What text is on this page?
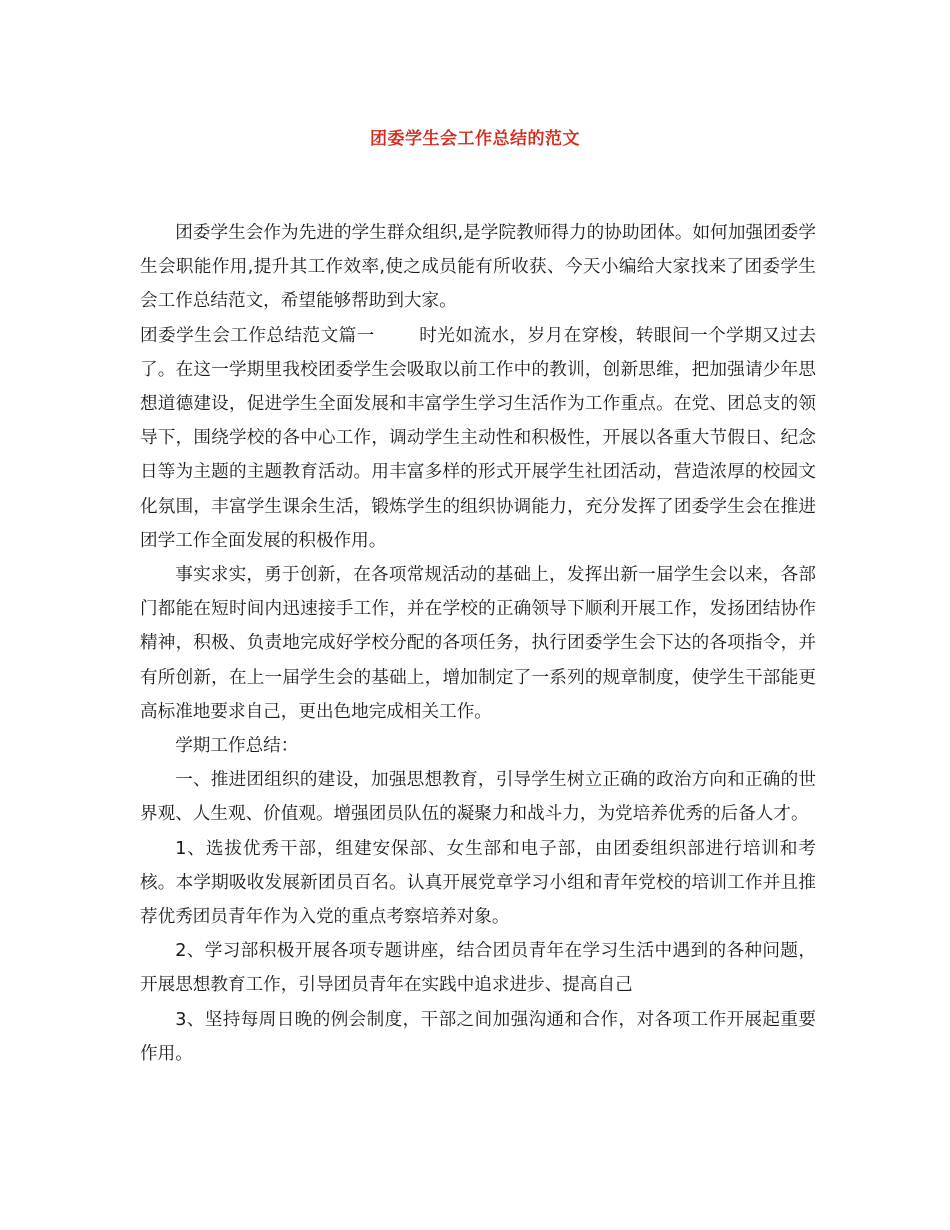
团委学生会工作总结的范文

团委学生会作为先进的学生群众组织,是学院教师得力的协助团体。如何加强团委学生会职能作用,提升其工作效率,使之成员能有所收获、今天小编给大家找来了团委学生会工作总结范文，希望能够帮助到大家。

团委学生会工作总结范文篇一	时光如流水，岁月在穿梭，转眼间一个学期又过去了。在这一学期里我校团委学生会吸取以前工作中的教训，创新思维，把加强请少年思想道德建设，促进学生全面发展和丰富学生学习生活作为工作重点。在党、团总支的领导下，围绕学校的各中心工作，调动学生主动性和积极性，开展以各重大节假日、纪念日等为主题的主题教育活动。用丰富多样的形式开展学生社团活动，营造浓厚的校园文化氛围，丰富学生课余生活，锻炼学生的组织协调能力，充分发挥了团委学生会在推进团学工作全面发展的积极作用。

事实求实，勇于创新，在各项常规活动的基础上，发挥出新一届学生会以来，各部门都能在短时间内迅速接手工作，并在学校的正确领导下顺利开展工作，发扬团结协作精神，积极、负责地完成好学校分配的各项任务，执行团委学生会下达的各项指令，并有所创新，在上一届学生会的基础上，增加制定了一系列的规章制度，使学生干部能更高标准地要求自己，更出色地完成相关工作。

学期工作总结：

一、推进团组织的建设，加强思想教育，引导学生树立正确的政治方向和正确的世界观、人生观、价值观。增强团员队伍的凝聚力和战斗力，为党培养优秀的后备人才。

1、选拔优秀干部，组建安保部、女生部和电子部，由团委组织部进行培训和考核。本学期吸收发展新团员百名。认真开展党章学习小组和青年党校的培训工作并且推荐优秀团员青年作为入党的重点考察培养对象。

2、学习部积极开展各项专题讲座，结合团员青年在学习生活中遇到的各种问题，开展思想教育工作，引导团员青年在实践中追求进步、提高自己

3、坚持每周日晚的例会制度，干部之间加强沟通和合作，对各项工作开展起重要作用。
